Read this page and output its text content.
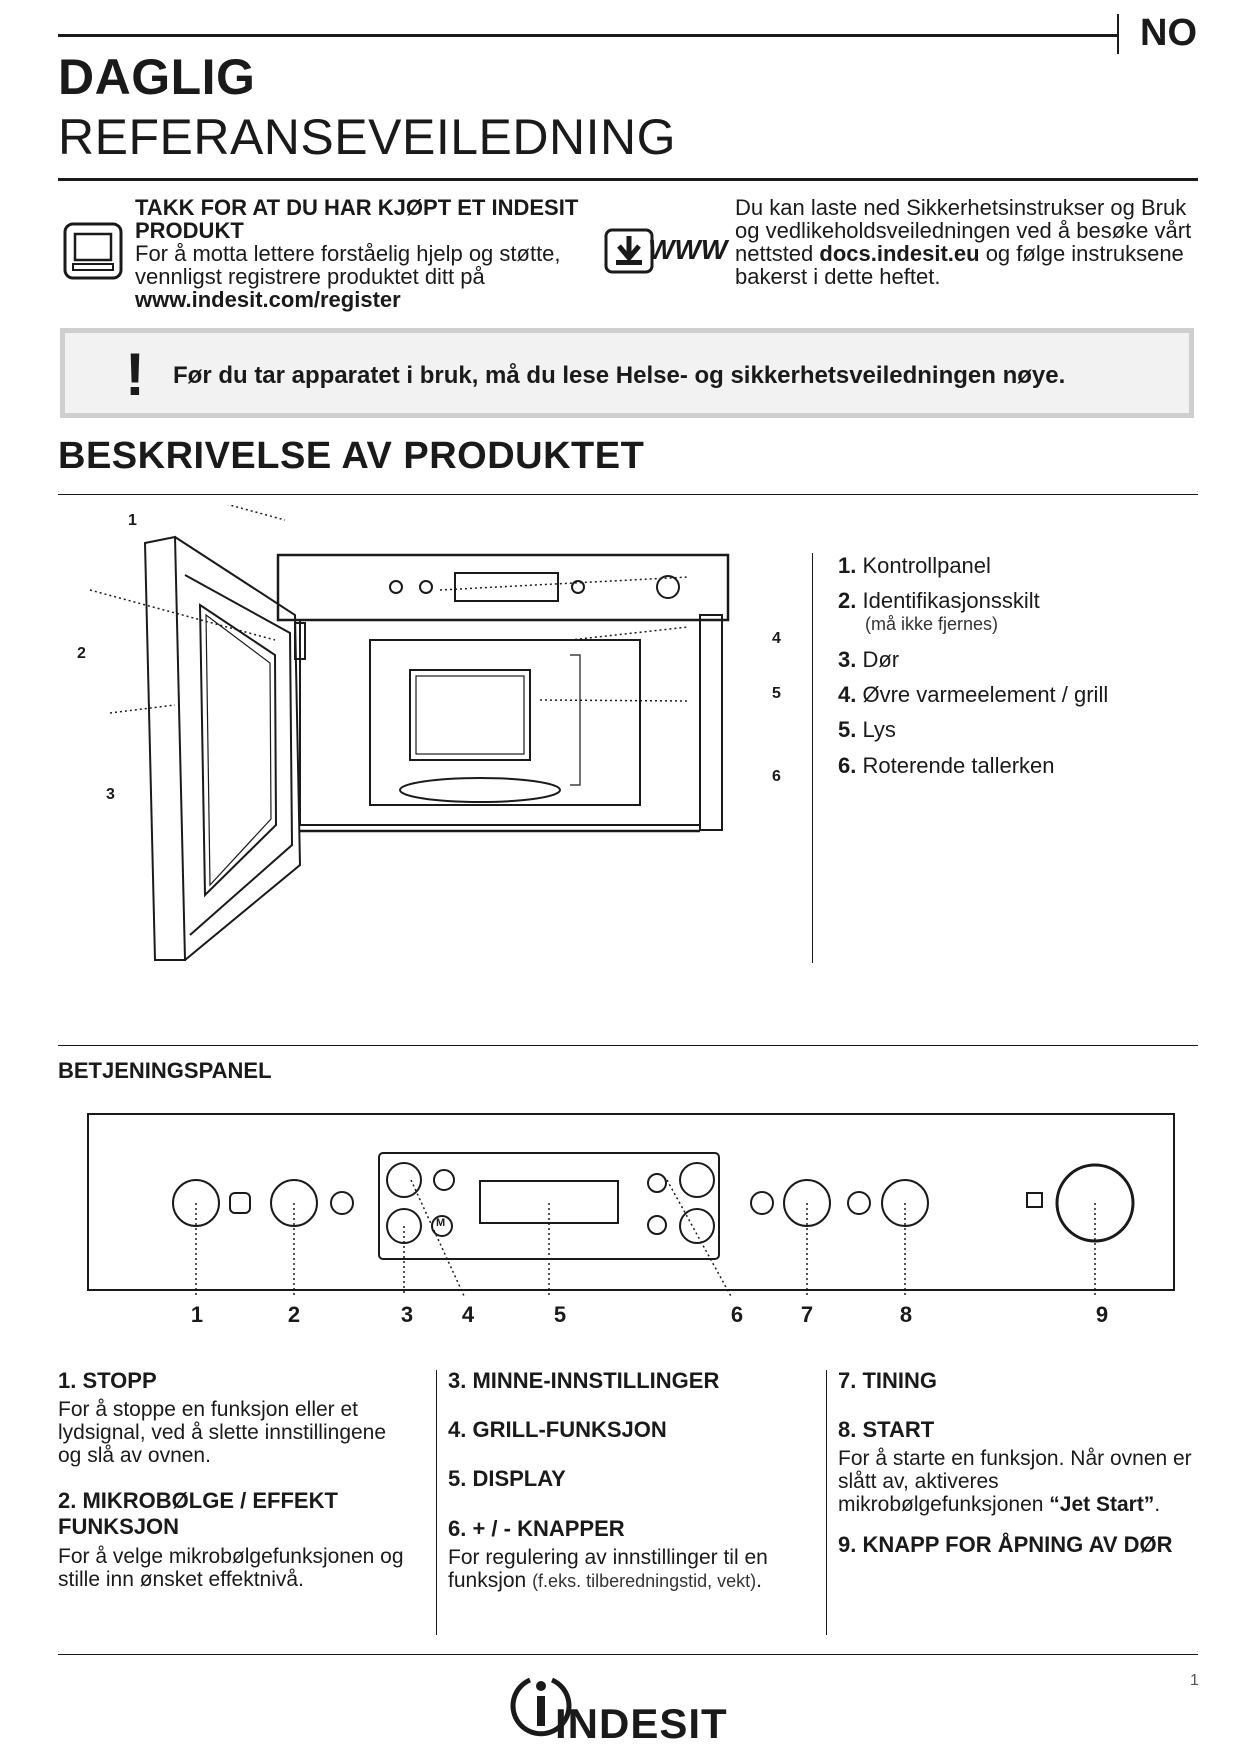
NO
DAGLIG
REFERANSEVEILEDNING
TAKK FOR AT DU HAR KJØPT ET INDESIT PRODUKT
For å motta lettere forståelig hjelp og støtte, vennligst registrere produktet ditt på
www.indesit.com/register
WWW
Du kan laste ned Sikkerhetsinstrukser og Bruk og vedlikeholdsveiledningen ved å besøke vårt nettsted docs.indesit.eu og følge instruksene bakerst i dette heftet.
! Før du tar apparatet i bruk, må du lese Helse- og sikkerhetsveiledningen nøye.
BESKRIVELSE AV PRODUKTET
1
2
3
4
5
6
1. Kontrollpanel
2. Identifikasjonsskilt
(må ikke fjernes)
3. Dør
4. Øvre varmeelement / grill
5. Lys
6. Roterende tallerken
BETJENINGSPANEL
M
1	2	3	4	5	6	7	8	9
1. STOPP
For å stoppe en funksjon eller et lydsignal, ved å slette innstillingene og slå av ovnen.
2. MIKROBØLGE / EFFEKT FUNKSJON
For å velge mikrobølgefunksjonen og stille inn ønsket effektnivå.
3. MINNE-INNSTILLINGER
4. GRILL-FUNKSJON
5. DISPLAY
6. + / - KNAPPER
For regulering av innstillinger til en funksjon (f.eks. tilberedningstid, vekt).
7. TINING
8. START
For å starte en funksjon. Når ovnen er slått av, aktiveres mikrobølgefunksjonen “Jet Start”.
9. KNAPP FOR ÅPNING AV DØR
1
INDESIT
